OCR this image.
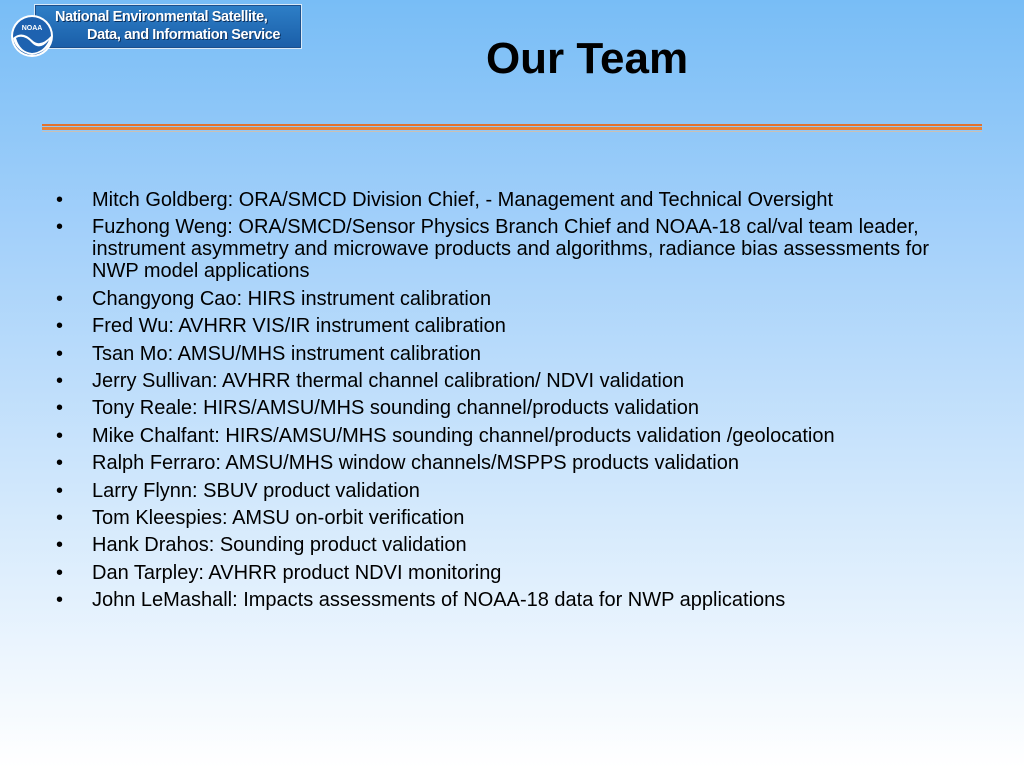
National Environmental Satellite,
Data, and Information Service
NOAA
Our Team
• Mitch Goldberg: ORA/SMCD Division Chief, - Management and Technical Oversight
• Fuzhong Weng: ORA/SMCD/Sensor Physics Branch Chief and NOAA-18 cal/val team leader, instrument asymmetry and microwave products and algorithms, radiance bias assessments for NWP model applications
• Changyong Cao: HIRS instrument calibration
• Fred Wu: AVHRR VIS/IR instrument calibration
• Tsan Mo: AMSU/MHS instrument calibration
• Jerry Sullivan: AVHRR thermal channel calibration/ NDVI validation
• Tony Reale: HIRS/AMSU/MHS sounding channel/products validation
• Mike Chalfant: HIRS/AMSU/MHS sounding channel/products validation /geolocation
• Ralph Ferraro: AMSU/MHS window channels/MSPPS products validation
• Larry Flynn: SBUV product validation
• Tom Kleespies: AMSU on-orbit verification
• Hank Drahos: Sounding product validation
• Dan Tarpley: AVHRR product NDVI monitoring
• John LeMashall: Impacts assessments of NOAA-18 data for NWP applications
